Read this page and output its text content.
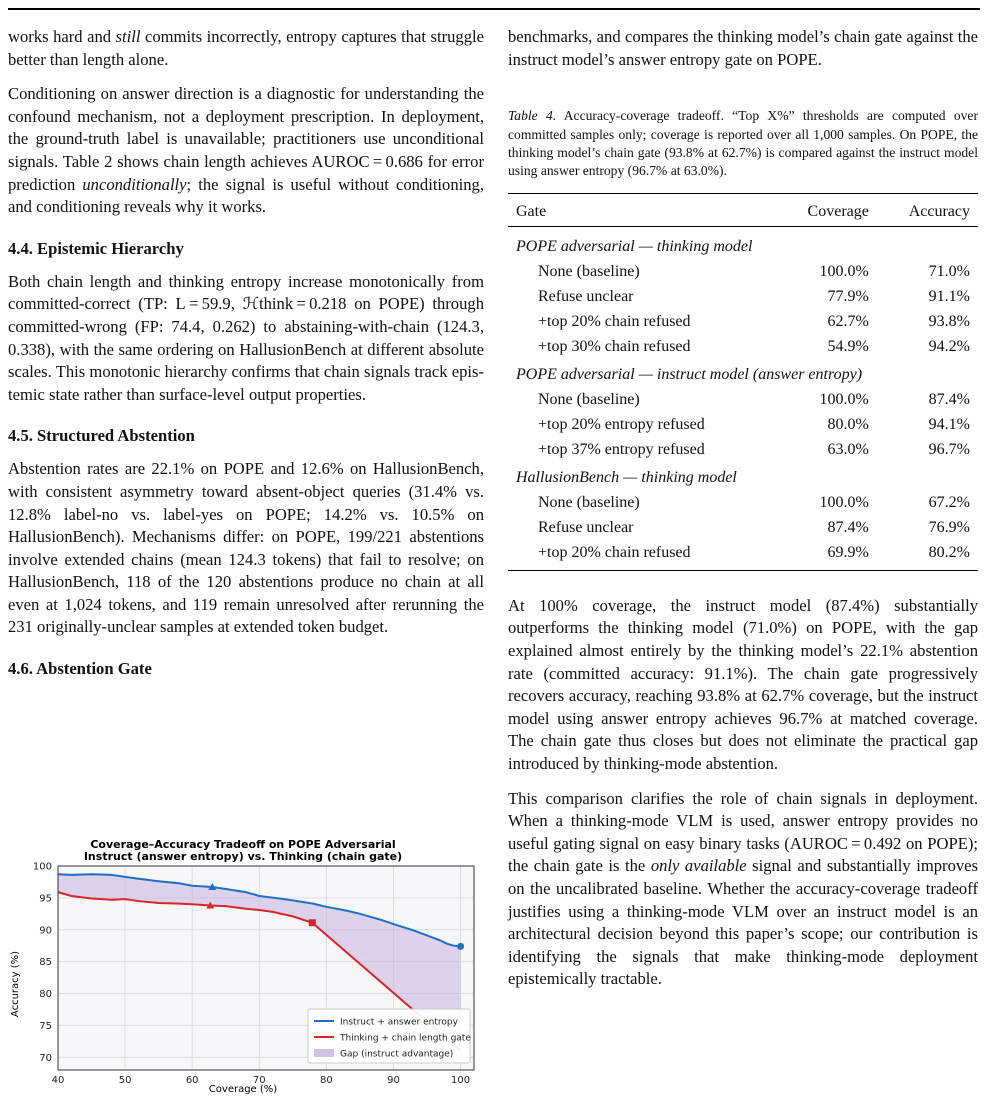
works hard and still commits incorrectly, entropy captures that struggle better than length alone.

Conditioning on answer direction is a diagnostic for understanding the confound mechanism, not a deployment prescription. In deployment, the ground-truth label is unavailable; practitioners use unconditional signals. Table 2 shows chain length achieves AUROC = 0.686 for error prediction unconditionally; the signal is useful without conditioning, and conditioning reveals why it works.

4.4. Epistemic Hierarchy

Both chain length and thinking entropy increase monotonically from committed-correct (TP: L = 59.9, ℋthink = 0.218 on POPE) through committed-wrong (FP: 74.4, 0.262) to abstaining-with-chain (124.3, 0.338), with the same ordering on HallusionBench at different absolute scales. This monotonic hierarchy confirms that chain signals track epistemic state rather than surface-level output properties.

4.5. Structured Abstention

Abstention rates are 22.1% on POPE and 12.6% on HallusionBench, with consistent asymmetry toward absent-object queries (31.4% vs. 12.8% label-no vs. label-yes on POPE; 14.2% vs. 10.5% on HallusionBench). Mechanisms differ: on POPE, 199/221 abstentions involve extended chains (mean 124.3 tokens) that fail to resolve; on HallusionBench, 118 of the 120 abstentions produce no chain at all even at 1,024 tokens, and 119 remain unresolved after rerunning the 231 originally-unclear samples at extended token budget.

4.6. Abstention Gate
Coverage–Accuracy Tradeoff on POPE Adversarial
Instruct (answer entropy) vs. Thinking (chain gate)
40	50	60	70	80	90	100
70
75
80
85
90
95
100
Instruct + answer entropy
Thinking + chain length gate
Gap (instruct advantage)
Coverage (%)
Accuracy (%)

benchmarks, and compares the thinking model’s chain gate against the instruct model’s answer entropy gate on POPE.

Table 4. Accuracy-coverage tradeoff. “Top X%” thresholds are computed over committed samples only; coverage is reported over all 1,000 samples. On POPE, the thinking model’s chain gate (93.8% at 62.7%) is compared against the instruct model using answer entropy (96.7% at 63.0%).
Gate	Coverage	Accuracy
POPE adversarial — thinking model		
None (baseline)	100.0%	71.0%
Refuse unclear	77.9%	91.1%
+top 20% chain refused	62.7%	93.8%
+top 30% chain refused	54.9%	94.2%
POPE adversarial — instruct model (answer entropy)		
None (baseline)	100.0%	87.4%
+top 20% entropy refused	80.0%	94.1%
+top 37% entropy refused	63.0%	96.7%
HallusionBench — thinking model		
None (baseline)	100.0%	67.2%
Refuse unclear	87.4%	76.9%
+top 20% chain refused	69.9%	80.2%

At 100% coverage, the instruct model (87.4%) substantially outperforms the thinking model (71.0%) on POPE, with the gap explained almost entirely by the thinking model’s 22.1% abstention rate (committed accuracy: 91.1%). The chain gate progressively recovers accuracy, reaching 93.8% at 62.7% coverage, but the instruct model using answer entropy achieves 96.7% at matched coverage. The chain gate thus closes but does not eliminate the practical gap introduced by thinking-mode abstention.

This comparison clarifies the role of chain signals in deployment. When a thinking-mode VLM is used, answer entropy provides no useful gating signal on easy binary tasks (AUROC = 0.492 on POPE); the chain gate is the only available signal and substantially improves on the uncalibrated baseline. Whether the accuracy-coverage tradeoff justifies using a thinking-mode VLM over an instruct model is an architectural decision beyond this paper’s scope; our contribution is identifying the signals that make thinking-mode deployment epistemically tractable.
